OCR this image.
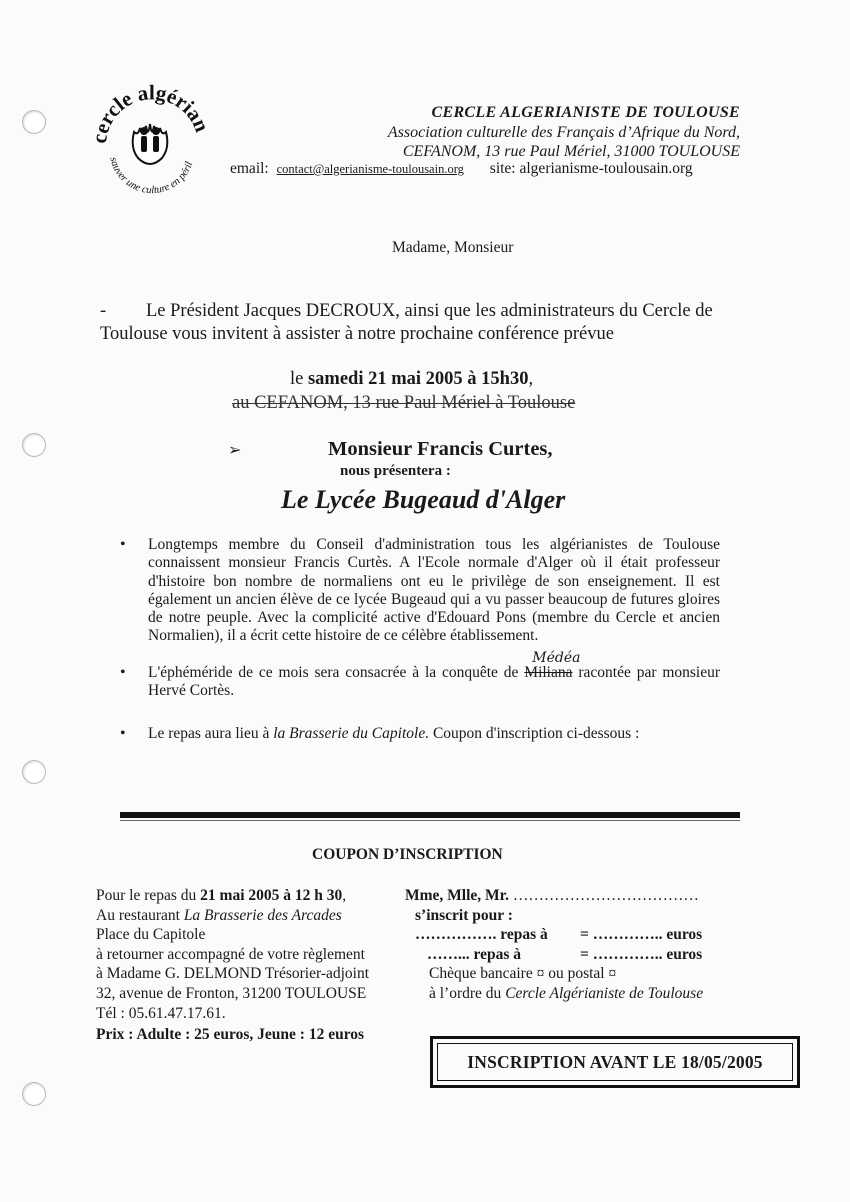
cercle algérian
sauver une culture en péril
CERCLE ALGERIANISTE DE TOULOUSE
Association culturelle des Français d’Afrique du Nord,
CEFANOM, 13 rue Paul Mériel, 31000 TOULOUSE
email: contact@algerianisme-toulousain.org site: algerianisme-toulousain.org
Madame, Monsieur
- Le Président Jacques DECROUX, ainsi que les administrateurs du Cercle de Toulouse vous invitent à assister à notre prochaine conférence prévue
le samedi 21 mai 2005 à 15h30,
au CEFANOM, 13 rue Paul Mériel à Toulouse
➢	Monsieur Francis Curtes,
nous présentera :
Le Lycée Bugeaud d'Alger
• Longtemps membre du Conseil d'administration tous les algérianistes de Toulouse connaissent monsieur Francis Curtès. A l'Ecole normale d'Alger où il était professeur d'histoire bon nombre de normaliens ont eu le privilège de son enseignement. Il est également un ancien élève de ce lycée Bugeaud qui a vu passer beaucoup de futures gloires de notre peuple. Avec la complicité active d'Edouard Pons (membre du Cercle et ancien Normalien), il a écrit cette histoire de ce célèbre établissement.
• L'éphéméride de ce mois sera consacrée à la conquête de Miliana
Médéa
racontée par monsieur Hervé Cortès.
• Le repas aura lieu à la Brasserie du Capitole. Coupon d'inscription ci-dessous :
COUPON D’INSCRIPTION
Pour le repas du 21 mai 2005 à 12 h 30,
Au restaurant La Brasserie des Arcades
Place du Capitole
à retourner accompagné de votre règlement
à Madame G. DELMOND Trésorier-adjoint
32, avenue de Fronton, 31200 TOULOUSE
Tél : 05.61.47.17.61.
Prix : Adulte : 25 euros, Jeune : 12 euros
Mme, Mlle, Mr. ………………………………
s’inscrit pour :
……………. repas à = ………….. euros
……... repas à	= ………….. euros
Chèque bancaire ¤ ou postal ¤
à l’ordre du Cercle Algérianiste de Toulouse
INSCRIPTION AVANT LE 18/05/2005
